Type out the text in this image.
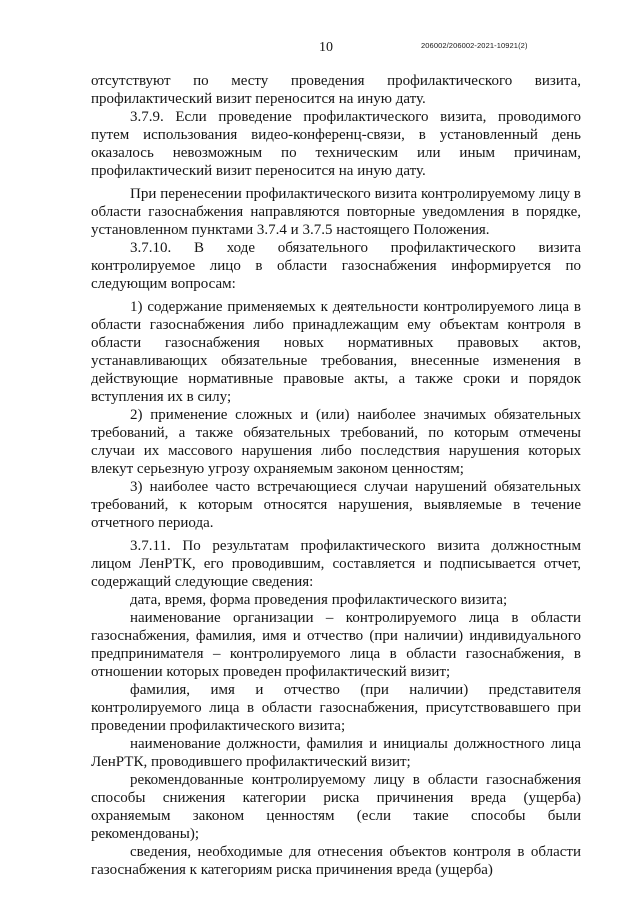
10	206002/206002-2021-10921(2)

отсутствуют по месту проведения профилактического визита, профилактический визит переносится на иную дату.

3.7.9. Если проведение профилактического визита, проводимого путем использования видео-конференц-связи, в установленный день оказалось невозможным по техническим или иным причинам, профилактический визит переносится на иную дату.

При перенесении профилактического визита контролируемому лицу в области газоснабжения направляются повторные уведомления в порядке, установленном пунктами 3.7.4 и 3.7.5 настоящего Положения.

3.7.10. В ходе обязательного профилактического визита контролируемое лицо в области газоснабжения информируется по следующим вопросам:

1) содержание применяемых к деятельности контролируемого лица в области газоснабжения либо принадлежащим ему объектам контроля в области газоснабжения новых нормативных правовых актов, устанавливающих обязательные требования, внесенные изменения в действующие нормативные правовые акты, а также сроки и порядок вступления их в силу;

2) применение сложных и (или) наиболее значимых обязательных требований, а также обязательных требований, по которым отмечены случаи их массового нарушения либо последствия нарушения которых влекут серьезную угрозу охраняемым законом ценностям;

3) наиболее часто встречающиеся случаи нарушений обязательных требований, к которым относятся нарушения, выявляемые в течение отчетного периода.

3.7.11. По результатам профилактического визита должностным лицом ЛенРТК, его проводившим, составляется и подписывается отчет, содержащий следующие сведения:

дата, время, форма проведения профилактического визита;

наименование организации – контролируемого лица в области газоснабжения, фамилия, имя и отчество (при наличии) индивидуального предпринимателя – контролируемого лица в области газоснабжения, в отношении которых проведен профилактический визит;

фамилия, имя и отчество (при наличии) представителя контролируемого лица в области газоснабжения, присутствовавшего при проведении профилактического визита;

наименование должности, фамилия и инициалы должностного лица ЛенРТК, проводившего профилактический визит;

рекомендованные контролируемому лицу в области газоснабжения способы снижения категории риска причинения вреда (ущерба) охраняемым законом ценностям (если такие способы были рекомендованы);

сведения, необходимые для отнесения объектов контроля в области газоснабжения к категориям риска причинения вреда (ущерба)
